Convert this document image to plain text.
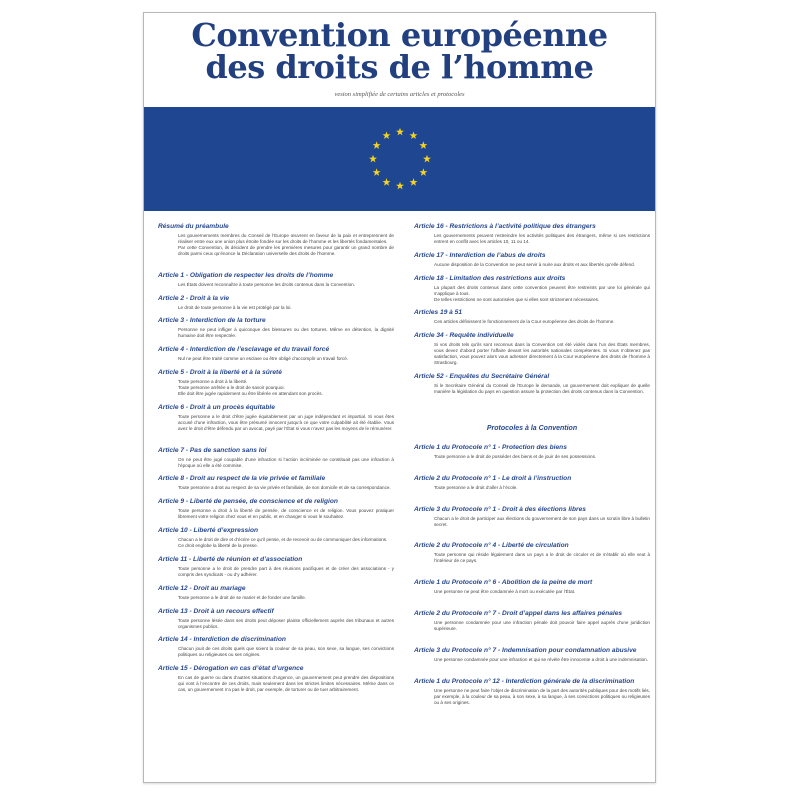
Convention européenne
des droits de l’homme
vesion simplifiée de certains articles et protocoles
Résumé du préambule

Les gouvernements membres du Conseil de l’Europe œuvrent en faveur de la paix et entreprennent de réaliser entre eux une union plus étroite fondée sur les droits de l’homme et les libertés fondamentales.

Par cette Convention, ils décident de prendre les premières mesures pour garantir un grand nombre de droits parmi ceux qu’énonce la Déclaration universelle des droits de l’homme.

Article 1 - Obligation de respecter les droits de l’homme

Les États doivent reconnaître à toute personne les droits contenus dans la Convention.

Article 2 - Droit à la vie

Le droit de toute personne à la vie est protégé par la loi.

Article 3 - Interdiction de la torture

Personne ne peut infliger à quiconque des blessures ou des tortures. Même en détention, la dignité humaine doit être respectée.

Article 4 - Interdiction de l’esclavage et du travail forcé

Nul ne peut être traité comme un esclave ou être obligé d’accomplir un travail forcé.

Article 5 - Droit à la liberté et à la sûreté

Toute personne a droit à la liberté.

Toute personne arrêtée a le droit de savoir pourquoi.

Elle doit être jugée rapidement ou être libérée en attendant son procès.

Article 6 - Droit à un procès équitable

Toute personne a le droit d’être jugée équitablement par un juge indépendant et impartial. Si vous êtes accusé d’une infraction, vous être présumé innocent jusqu’à ce que votre culpabilité ait été établie. Vous avez le droit d’être défendu par un avocat, payé par l’État si vous n’avez pas les moyens de le rémunérer.

Article 7 - Pas de sanction sans loi

On ne peut être jugé coupable d’une infraction si l’action incriminée ne constituait pas une infraction à l’époque où elle a été commise.

Article 8 - Droit au respect de la vie privée et familiale

Toute personne a droit au respect de sa vie privée et familiale, de son domicile et de sa correspondance.

Article 9 - Liberté de pensée, de conscience et de religion

Toute personne a droit à la liberté de pensée, de conscience et de religion. Vous pouvez pratiquer librement votre religion chez vous et en public, et en changer si vous le souhaitez.

Article 10 - Liberté d’expression

Chacun a le droit de dire et d’écrire ce qu’il pense, et de recevoir ou de communiquer des informations.

Ce droit englobe la liberté de la presse.

Article 11 - Liberté de réunion et d’association

Toute personne a le droit de prendre part à des réunions pacifiques et de créer des associations - y compris des syndicats - ou d’y adhérer.

Article 12 - Droit au mariage

Toute personne a le droit de se marier et de fonder une famille.

Article 13 - Droit à un recours effectif

Toute personne lésée dans ses droits peut déposer plainte officiellement auprès des tribunaux et autres organismes publics.

Article 14 - Interdiction de discrimination

Chacun jouit de ces droits quels que soient la couleur de sa peau, son sexe, sa langue, ses convictions politiques ou religieuses ou ses origines.

Article 15 - Dérogation en cas d’état d’urgence

En cas de guerre ou dans d’autres situations d’urgence, un gouvernement peut prendre des dispositions qui vont à l’encontre de ces droits, mais seulement dans les strictes limites nécessaires. Même dans ce cas, un gouvernement n’a pas le droit, par exemple, de torturer ou de tuer arbitrairement.

Article 16 - Restrictions à l’activité politique des étrangers

Les gouvernements peuvent restreindre les activités politiques des étrangers, même si ces restrictions entrent en conflit avec les articles 10, 11 ou 14.

Article 17 - Interdiction de l’abus de droits

Aucune disposition de la Convention ne peut servir à nuire aux droits et aux libertés qu’elle défend.

Article 18 - Limitation des restrictions aux droits

La plupart des droits contenus dans cette convention peuvent être restreints par une loi générale qui s’applique à tous.

De telles restrictions ne sont autorisées que si elles sont strictement nécessaires.

Articles 19 à 51

Ces articles définissent le fonctionnement de la Cour européenne des droits de l’homme.

Article 34 - Requête individuelle

Si vos droits tels qu’ils sont reconnus dans la Convention ont été violés dans l’un des États membres, vous devez d’abord porter l’affaire devant les autorités nationales compétentes. Si vous n’obtenez pas satisfaction, vous pouvez alors vous adresser directement à la Cour européenne des droits de l’homme à Strasbourg.

Article 52 - Enquêtes du Secrétaire Général

Si le Secrétaire Général du Conseil de l’Europe le demande, un gouvernement doit expliquer de quelle manière la législation du pays en question assure la protection des droits contenus dans la Convention.

Protocoles à la Convention
Article 1 du Protocole n° 1 - Protection des biens

Toute personne a le droit de posséder des biens et de jouir de ses possessions.

Article 2 du Protocole n° 1 - Le droit à l’instruction

Toute personne a le droit d’aller à l’école.

Article 3 du Protocole n° 1 - Droit à des élections libres

Chacun a le droit de participer aux élections du gouvernement de son pays dans un scrutin libre à bulletin secret.

Article 2 du Protocole n° 4 - Liberté de circulation

Toute personne qui réside légalement dans un pays a le droit de circuler et de s’établir où elle veut à l’intérieur de ce pays.

Article 1 du Protocole n° 6 - Abolition de la peine de mort

Une personne ne peut être condamnée à mort ou exécutée par l’État.

Article 2 du Protocole n° 7 - Droit d’appel dans les affaires pénales

Une personne condamnée pour une infraction pénale doit pouvoir faire appel auprès d’une juridiction supérieure.

Article 3 du Protocole n° 7 - Indemnisation pour condamnation abusive

Une personne condamnée pour une infraction et qui se révèle être innocente a droit à une indemnisation.

Article 1 du Protocole n° 12 - Interdiction générale de la discrimination

Une personne ne peut faire l’objet de discrimination de la part des autorités publiques pour des motifs liés, par exemple, à la couleur de sa peau, à son sexe, à sa langue, à ses convictions politiques ou religieuses ou à ses origines.
